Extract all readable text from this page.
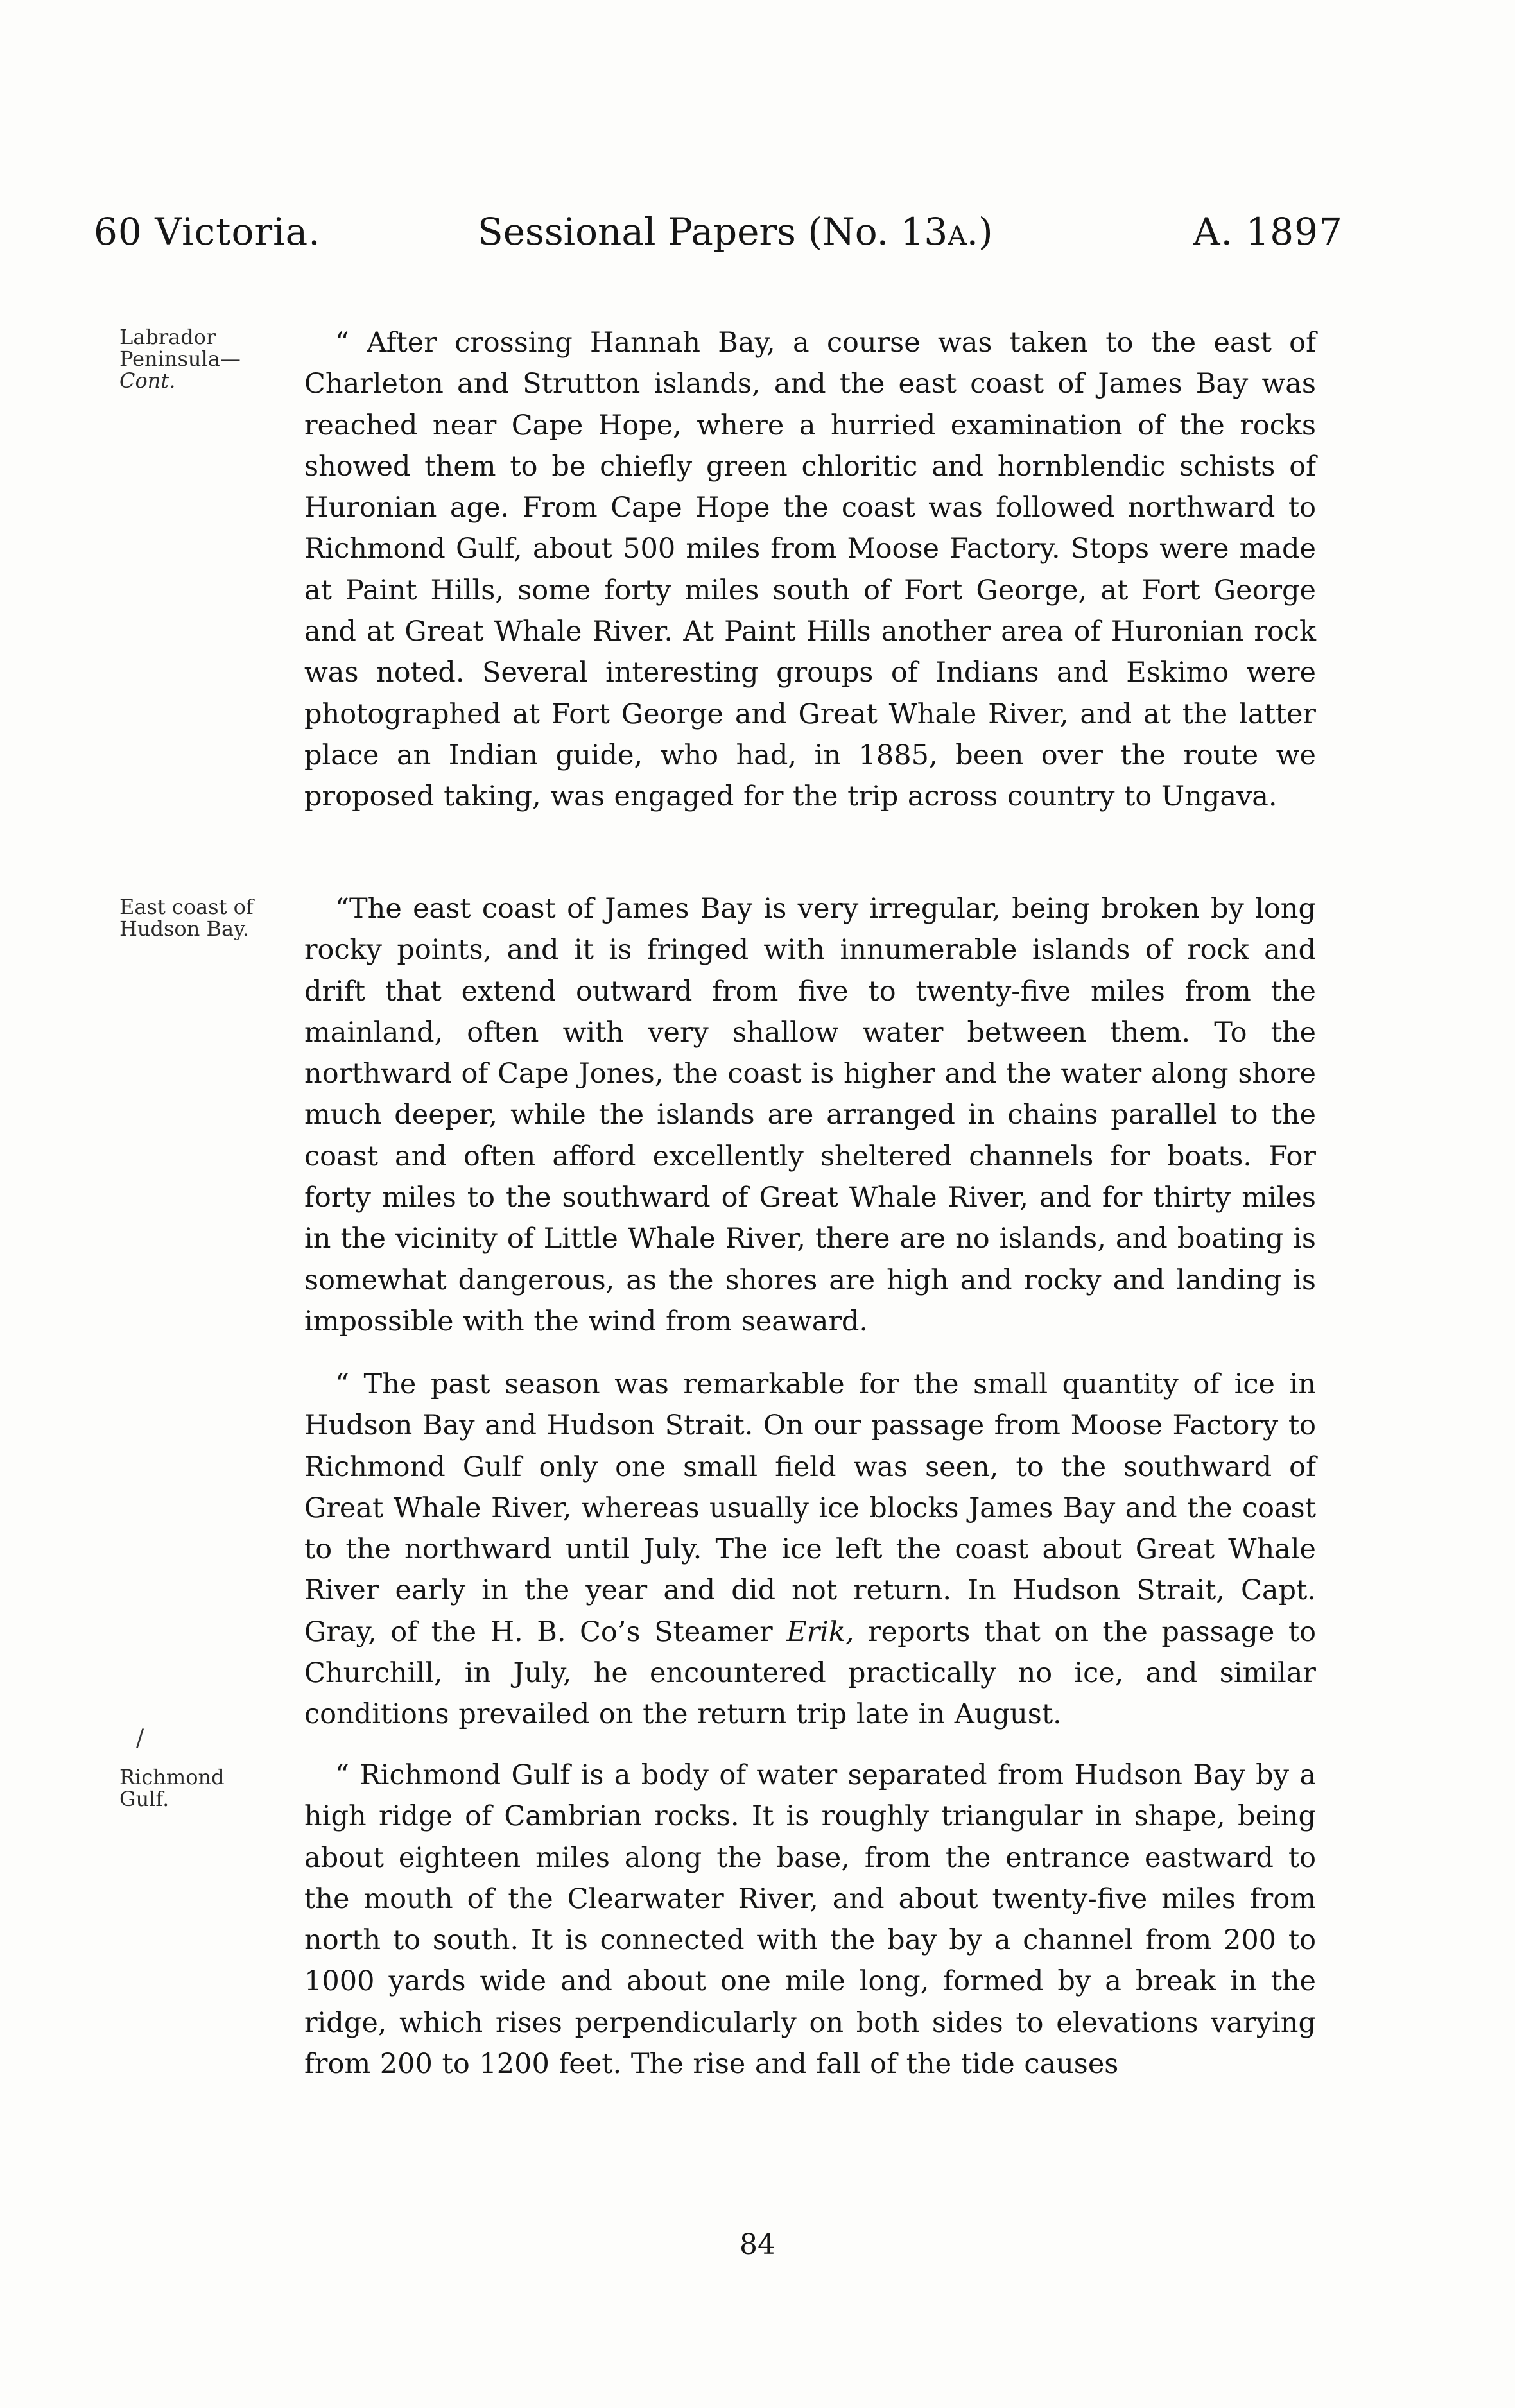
60 Victoria.	Sessional Papers (No. 13A.)	A. 1897
Labrador
Peninsula—
Cont.
East coast of
Hudson Bay.
Richmond
Gulf.

“ After crossing Hannah Bay, a course was taken to the east of Charleton and Strutton islands, and the east coast of James Bay was reached near Cape Hope, where a hurried examination of the rocks showed them to be chiefly green chloritic and hornblendic schists of Huronian age. From Cape Hope the coast was followed northward to Richmond Gulf, about 500 miles from Moose Factory. Stops were made at Paint Hills, some forty miles south of Fort George, at Fort George and at Great Whale River. At Paint Hills another area of Huronian rock was noted. Several interesting groups of Indians and Eskimo were photographed at Fort George and Great Whale River, and at the latter place an Indian guide, who had, in 1885, been over the route we proposed taking, was engaged for the trip across country to Ungava.

“The east coast of James Bay is very irregular, being broken by long rocky points, and it is fringed with innumerable islands of rock and drift that extend outward from five to twenty-five miles from the mainland, often with very shallow water between them. To the northward of Cape Jones, the coast is higher and the water along shore much deeper, while the islands are arranged in chains parallel to the coast and often afford excellently sheltered channels for boats. For forty miles to the southward of Great Whale River, and for thirty miles in the vicinity of Little Whale River, there are no islands, and boating is somewhat dangerous, as the shores are high and rocky and landing is impossible with the wind from seaward.

“ The past season was remarkable for the small quantity of ice in Hudson Bay and Hudson Strait. On our passage from Moose Factory to Richmond Gulf only one small field was seen, to the southward of Great Whale River, whereas usually ice blocks James Bay and the coast to the northward until July. The ice left the coast about Great Whale River early in the year and did not return. In Hudson Strait, Capt. Gray, of the H. B. Co’s Steamer Erik, reports that on the passage to Churchill, in July, he encountered practically no ice, and similar conditions prevailed on the return trip late in August.

“ Richmond Gulf is a body of water separated from Hudson Bay by a high ridge of Cambrian rocks. It is roughly triangular in shape, being about eighteen miles along the base, from the entrance eastward to the mouth of the Clearwater River, and about twenty-five miles from north to south. It is connected with the bay by a channel from 200 to 1000 yards wide and about one mile long, formed by a break in the ridge, which rises perpendicularly on both sides to elevations varying from 200 to 1200 feet. The rise and fall of the tide causes

/
84
